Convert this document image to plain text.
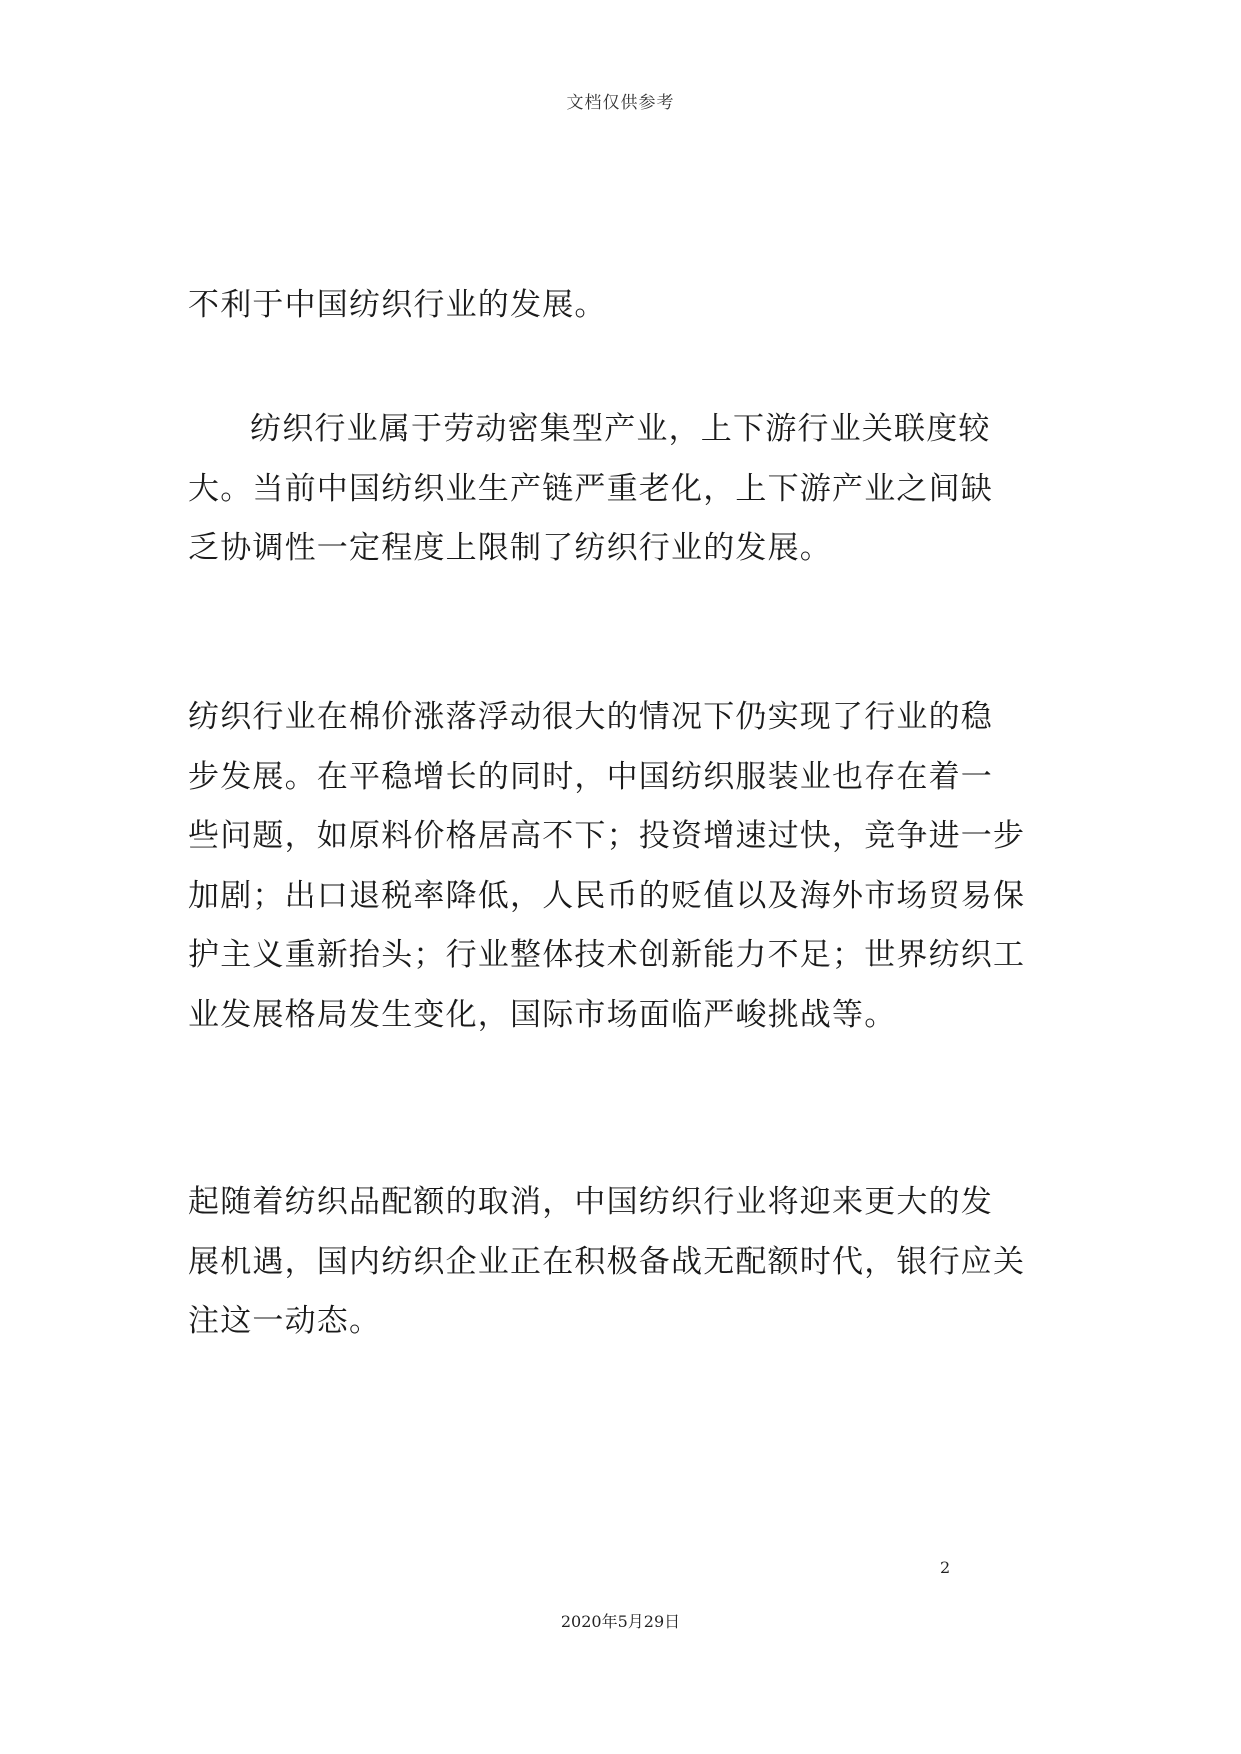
文档仅供参考
不利于中国纺织行业的发展。
纺织行业属于劳动密集型产业，上下游行业关联度较
大。当前中国纺织业生产链严重老化，上下游产业之间缺
乏协调性一定程度上限制了纺织行业的发展。
纺织行业在棉价涨落浮动很大的情况下仍实现了行业的稳
步发展。在平稳增长的同时，中国纺织服装业也存在着一
些问题，如原料价格居高不下；投资增速过快，竞争进一步
加剧；出口退税率降低，人民币的贬值以及海外市场贸易保
护主义重新抬头；行业整体技术创新能力不足；世界纺织工
业发展格局发生变化，国际市场面临严峻挑战等。
起随着纺织品配额的取消，中国纺织行业将迎来更大的发
展机遇，国内纺织企业正在积极备战无配额时代，银行应关
注这一动态。
2
2020年5月29日
